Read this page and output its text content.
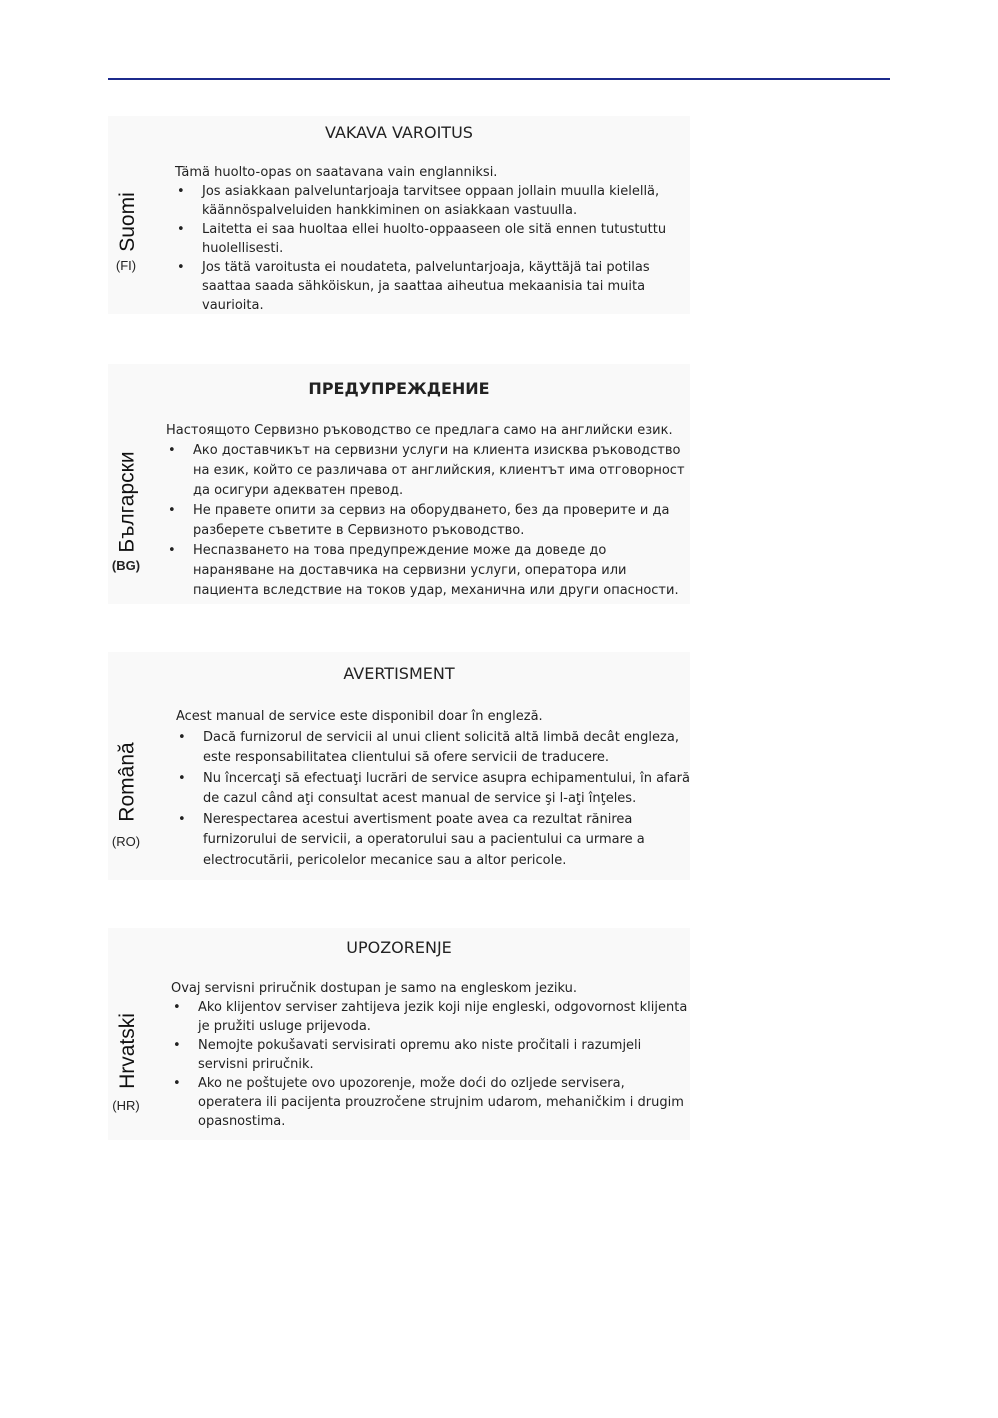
Suomi
(FI)
VAKAVA VAROITUS

Tämä huolto-opas on saatavana vain englanniksi.

• Jos asiakkaan palveluntarjoaja tarvitsee oppaan jollain muulla kielellä, käännöspalveluiden hankkiminen on asiakkaan vastuulla.
• Laitetta ei saa huoltaa ellei huolto-oppaaseen ole sitä ennen tutustuttu huolellisesti.
• Jos tätä varoitusta ei noudateta, palveluntarjoaja, käyttäjä tai potilas saattaa saada sähköiskun, ja saattaa aiheutua mekaanisia tai muita vaurioita.
Български
(BG)
ПРЕДУПРЕЖДЕНИЕ

Настоящото Сервизно ръководство се предлага само на английски език.

• Ако доставчикът на сервизни услуги на клиента изисква ръководство на език, който се различава от английския, клиентът има отговорност да осигури адекватен превод.
• Не правете опити за сервиз на оборудването, без да проверите и да разберете съветите в Сервизното ръководство.
• Неспазването на това предупреждение може да доведе до нараняване на доставчика на сервизни услуги, оператора или пациента вследствие на токов удар, механична или други опасности.
Română
(RO)
AVERTISMENT

Acest manual de service este disponibil doar în engleză.

• Dacă furnizorul de servicii al unui client solicită altă limbă decât engleza, este responsabilitatea clientului să ofere servicii de traducere.
• Nu încercaţi să efectuaţi lucrări de service asupra echipamentului, în afară de cazul când aţi consultat acest manual de service şi l-aţi înţeles.
• Nerespectarea acestui avertisment poate avea ca rezultat rănirea furnizorului de servicii, a operatorului sau a pacientului ca urmare a electrocutării, pericolelor mecanice sau a altor pericole.
Hrvatski
(HR)
UPOZORENJE

Ovaj servisni priručnik dostupan je samo na engleskom jeziku.

• Ako klijentov serviser zahtijeva jezik koji nije engleski, odgovornost klijenta je pružiti usluge prijevoda.
• Nemojte pokušavati servisirati opremu ako niste pročitali i razumjeli servisni priručnik.
• Ako ne poštujete ovo upozorenje, može doći do ozljede servisera, operatera ili pacijenta prouzročene strujnim udarom, mehaničkim i drugim opasnostima.
